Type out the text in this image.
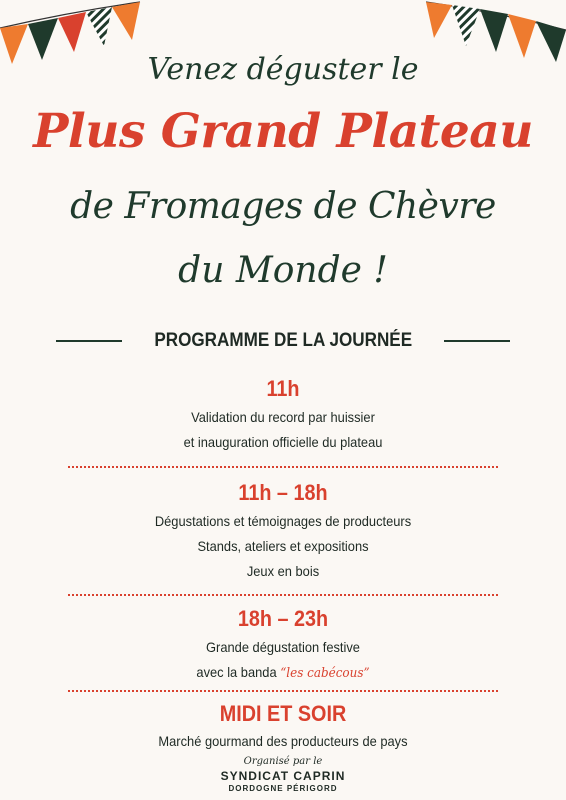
Venez déguster le
Plus Grand Plateau
de Fromages de Chèvre
du Monde !
PROGRAMME DE LA JOURNÉE
11h
Validation du record par huissier
et inauguration officielle du plateau
11h – 18h
Dégustations et témoignages de producteurs
Stands, ateliers et expositions
Jeux en bois
18h – 23h
Grande dégustation festive
avec la banda “les cabécous”
MIDI ET SOIR
Marché gourmand des producteurs de pays
Organisé par le
SYNDICAT CAPRIN
DORDOGNE PÉRIGORD
